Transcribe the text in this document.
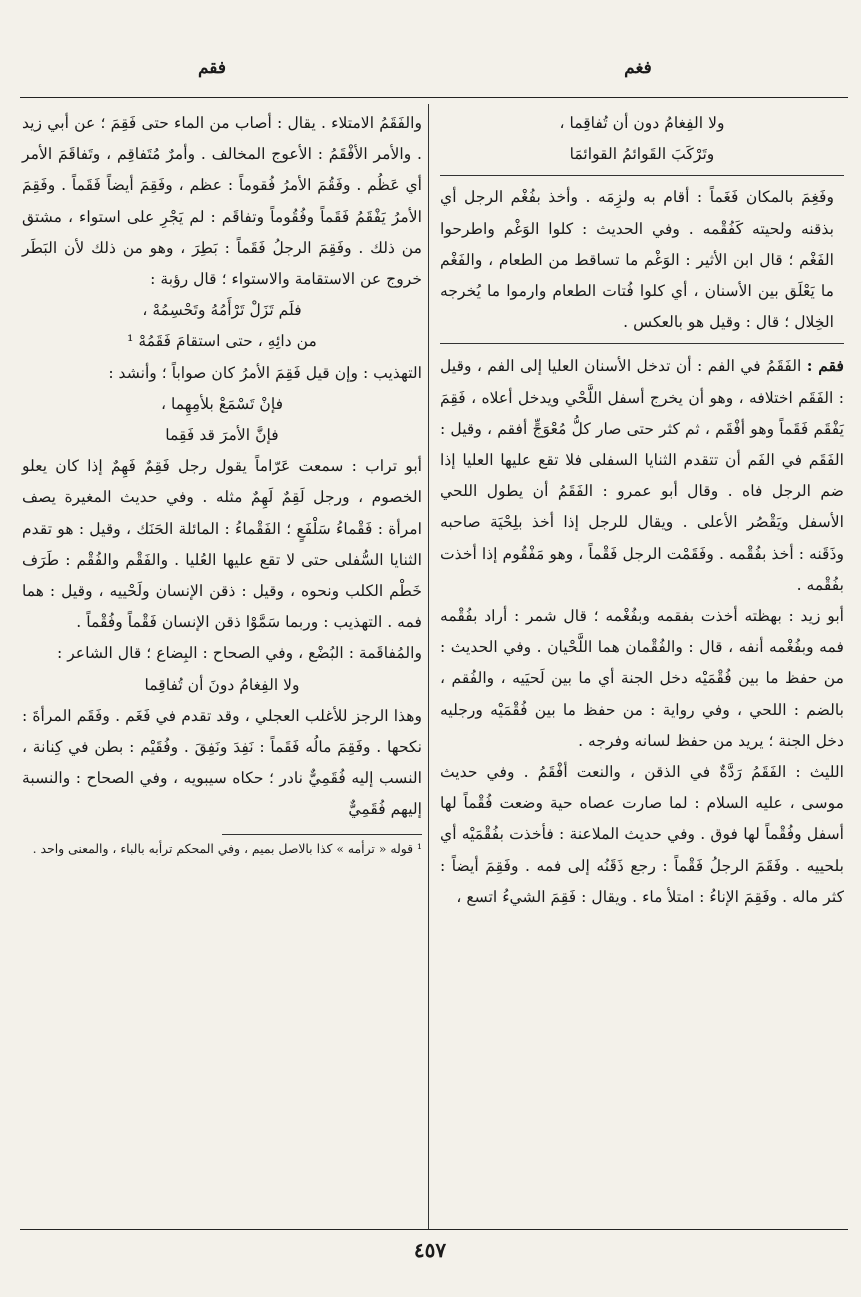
فقم	فغم

ولا الفِغامُ دون أن تُفاقِما ،

وتَرْكَبَ القَوائمُ القوائمَا

وفَغِمَ بالمكان فَغَماً : أقام به ولزِمَه . وأخذ بفُغْم الرجل أي بذقنه ولحيته كَفُقْمه . وفي الحديث : كلوا الوَغْم واطرحوا الفَغْم ؛ قال ابن الأثير : الوَغْم ما تساقط من الطعام ، والفَغْم ما يَعْلَق بين الأسنان ، أي كلوا فُتات الطعام وارموا ما يُخرجه الخِلال ؛ قال : وقيل هو بالعكس .

فقم : الفَقَمُ في الفم : أن تدخل الأسنان العليا إلى الفم ، وقيل : الفَقَم اختلافه ، وهو أن يخرج أسفل اللَّحْي ويدخل أعلاه ، فَقِمَ يَفْقَم فَقَماً وهو أفْقَم ، ثم كثر حتى صار كلُّ مُعْوَجٍّ أفقم ، وقيل : الفَقَم في الفَم أن تتقدم الثنايا السفلى فلا تقع عليها العليا إذا ضم الرجل فاه . وقال أبو عمرو : الفَقَمُ أن يطول اللحي الأسفل ويَقْصُر الأعلى . ويقال للرجل إذا أخذ بلِحْيَة صاحبه وذَقَنه : أخذ بفُقْمه . وفَقَمْت الرجل فَقْماً ، وهو مَفْقُوم إذا أخذت بفُقْمه .

أبو زيد : بهظته أخذت بفقمه وبفُغْمه ؛ قال شمر : أراد بفُقْمه فمه وبفُغْمه أنفه ، قال : والفُقْمان هما اللَّحْيان . وفي الحديث : من حفظ ما بين فُقْمَيْه دخل الجنة أي ما بين لَحيَيه ، والفُقم ، بالضم : اللحي ، وفي رواية : من حفظ ما بين فُقْمَيْه ورجليه دخل الجنة ؛ يريد من حفظ لسانه وفرجه .

الليث : الفَقَمُ رَدَّةٌ في الذقن ، والنعت أفْقَمُ . وفي حديث موسى ، عليه السلام : لما صارت عصاه حية وضعت فُقْماً لها أسفل وفُقْماً لها فوق . وفي حديث الملاعنة : فأخذت بفُقْمَيْه أي بلحييه . وفَقَمَ الرجلُ فَقْماً : رجع ذَقَنُه إلى فمه . وفَقِمَ أيضاً : كثر ماله . وفَقِمَ الإناءُ : امتلأ ماء . ويقال : فَقِمَ الشيءُ اتسع ،

والفَقَمُ الامتلاء . يقال : أصاب من الماء حتى فَقِمَ ؛ عن أبي زيد . والأمر الأفْقَمُ : الأعوج المخالف . وأمرٌ مُتَفاقِم ، وتَفاقَمَ الأمر أي عَظُم . وفَقُمَ الأمرُ فُقوماً : عظم ، وفَقِمَ أيضاً فَقَماً . وفَقِمَ الأمرُ يَفْقَمُ فَقَماً وفُقُوماً وتفاقَم : لم يَجْرِ على استواء ، مشتق من ذلك . وفَقِمَ الرجلُ فَقَماً : بَطِرَ ، وهو من ذلك لأن البَطَر خروج عن الاستقامة والاستواء ؛ قال رؤبة :

فلَم تَزَلْ تَرْأَمُهُ وتَحْسِمُهْ ،

من دائِهِ ، حتى استقامَ فَقَمُهْ ¹

التهذيب : وإن قيل فَقِمَ الأمرُ كان صواباً ؛ وأنشد :

فإنْ تَسْمَعْ بلأمِهِما ،

فإنَّ الأمرَ قد فَقِما

أبو تراب : سمعت عَرّاماً يقول رجل فَقِمٌ فَهِمٌ إذا كان يعلو الخصوم ، ورجل لَقِمٌ لَهِمٌ مثله . وفي حديث المغيرة يصف امرأة : فَقْماءُ سَلْفَعٍ ؛ الفَقْماءُ : المائلة الحَنَك ، وقيل : هو تقدم الثنايا السُّفلى حتى لا تقع عليها العُليا . والفَقْم والفُقْم : طَرَف خَطْم الكلب ونحوه ، وقيل : ذقن الإنسان ولَحْييه ، وقيل : هما فمه . التهذيب : وربما سَمَّوْا ذقن الإنسان فَقْماً وفُقْماً .

والمُفاقَمة : البُضْع ، وفي الصحاح : البِضاع ؛ قال الشاعر :

ولا الفِغامُ دونَ أن تُفاقِما

وهذا الرجز للأغلب العجلي ، وقد تقدم في فَغَم . وفَقَم المرأةَ : نكحها . وفَقِمَ مالُه فَقَماً : نَفِدَ ونَفِقَ . وفُقَيْم : بطن في كِنانة ، النسب إليه فُقَمِيٌّ نادر ؛ حكاه سيبويه ، وفي الصحاح : والنسبة إليهم فُقَمِيٌّ

¹ قوله « ترأمه » كذا بالاصل بميم ، وفي المحكم ترأبه بالباء ، والمعنى واحد .

٤٥٧
